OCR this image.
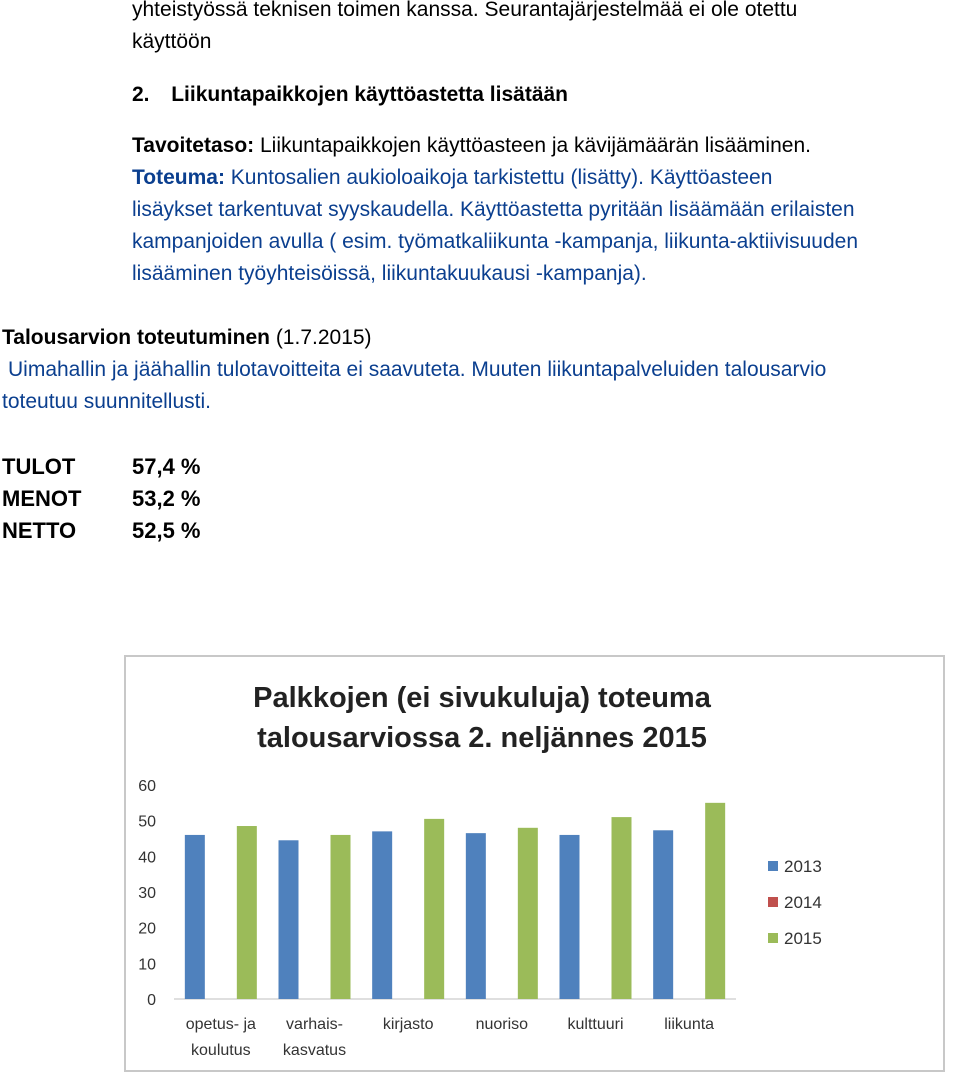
yhteistyössä teknisen toimen kanssa. Seurantajärjestelmää ei ole otettu
käyttöön
2. Liikuntapaikkojen käyttöastetta lisätään
Tavoitetaso: Liikuntapaikkojen käyttöasteen ja kävijämäärän lisääminen.
Toteuma: Kuntosalien aukioloaikoja tarkistettu (lisätty). Käyttöasteen
lisäykset tarkentuvat syyskaudella. Käyttöastetta pyritään lisäämään erilaisten
kampanjoiden avulla ( esim. työmatkaliikunta -kampanja, liikunta-aktiivisuuden
lisääminen työyhteisöissä, liikuntakuukausi -kampanja).
Talousarvion toteutuminen (1.7.2015)
Uimahallin ja jäähallin tulotavoitteita ei saavuteta. Muuten liikuntapalveluiden talousarvio
toteutuu suunnitellusti.
TULOT	57,4 %
MENOT 53,2 %
NETTO	52,5 %
Palkkojen (ei sivukuluja) toteuma
talousarviossa 2. neljännes 2015
0
10
20
30
40
50
60
opetus- ja
koulutus
varhais-
kasvatus
kirjasto	nuoriso kulttuuri	liikunta
2013
2014
2015
